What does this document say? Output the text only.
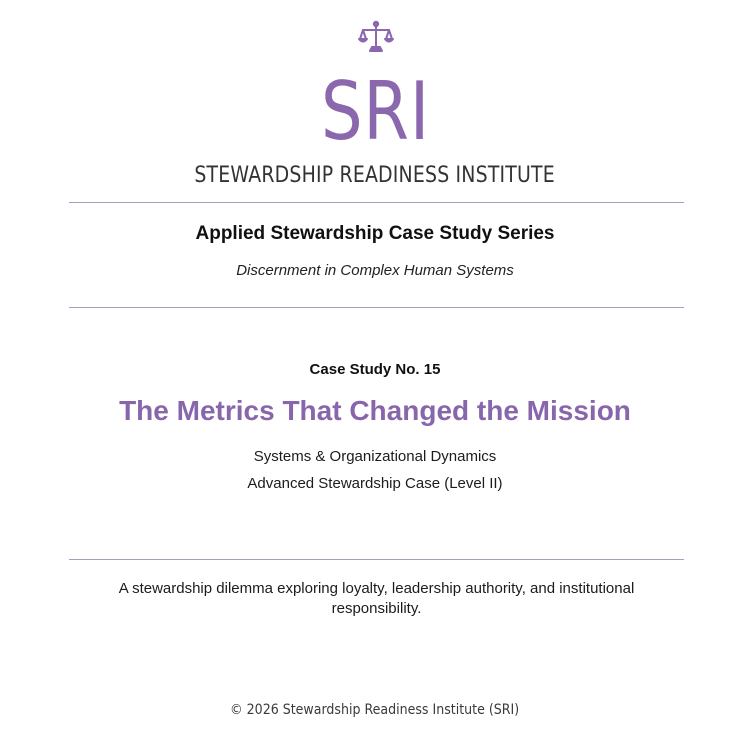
SRI
STEWARDSHIP READINESS INSTITUTE
Applied Stewardship Case Study Series
Discernment in Complex Human Systems
Case Study No. 15
The Metrics That Changed the Mission
Systems & Organizational Dynamics
Advanced Stewardship Case (Level II)
A stewardship dilemma exploring loyalty, leadership authority, and institutional responsibility.
© 2026 Stewardship Readiness Institute (SRI)
